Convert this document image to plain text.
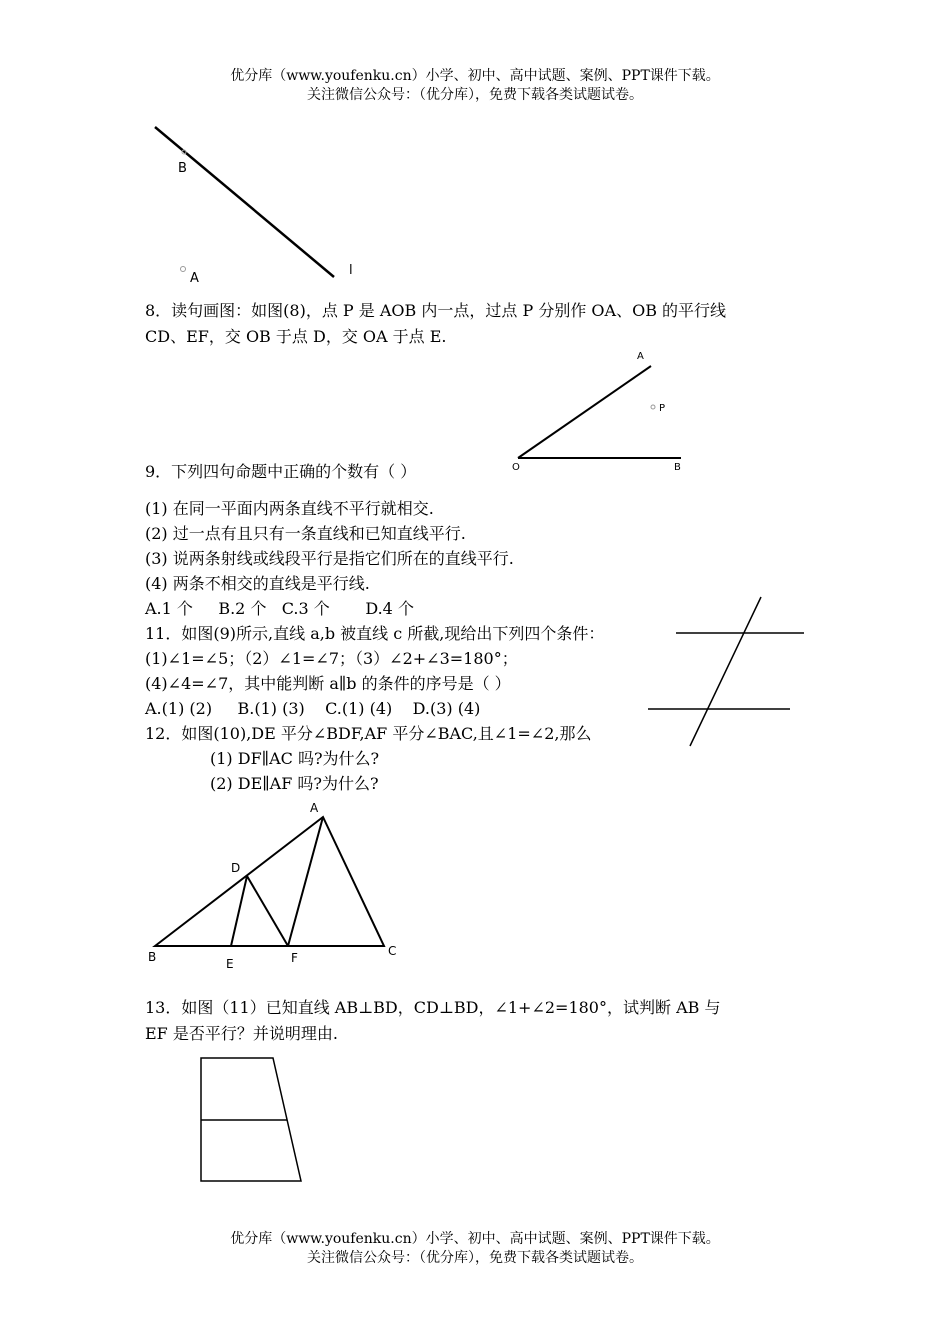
优分库（www.youfenku.cn）小学、初中、高中试题、案例、PPT课件下载。
关注微信公众号：（优分库），免费下载各类试题试卷。
B
A
l
8．读句画图：如图(8)，点 P 是 AOB 内一点，过点 P 分别作 OA、OB 的平行线
CD、EF，交 OB 于点 D，交 OA 于点 E.
A
P
O	B
9．下列四句命题中正确的个数有（ ）
(1) 在同一平面内两条直线不平行就相交.
(2) 过一点有且只有一条直线和已知直线平行.
(3) 说两条射线或线段平行是指它们所在的直线平行.
(4) 两条不相交的直线是平行线.
A.1 个     B.2 个   C.3 个       D.4 个
11．如图(9)所示,直线 a,b 被直线 c 所截,现给出下列四个条件：
(1)∠1=∠5；（2）∠1=∠7；（3）∠2+∠3=180°；
(4)∠4=∠7，其中能判断 a∥b 的条件的序号是（ ）
A.(1) (2)     B.(1) (3)    C.(1) (4)    D.(3) (4)
12．如图(10),DE 平分∠BDF,AF 平分∠BAC,且∠1=∠2,那么
(1) DF∥AC 吗?为什么?
(2) DE∥AF 吗?为什么?
A
D
B	E	F	C
13．如图（11）已知直线 AB⊥BD，CD⊥BD，∠1+∠2=180°，试判断 AB 与
EF 是否平行？并说明理由.
优分库（www.youfenku.cn）小学、初中、高中试题、案例、PPT课件下载。
关注微信公众号：（优分库），免费下载各类试题试卷。
